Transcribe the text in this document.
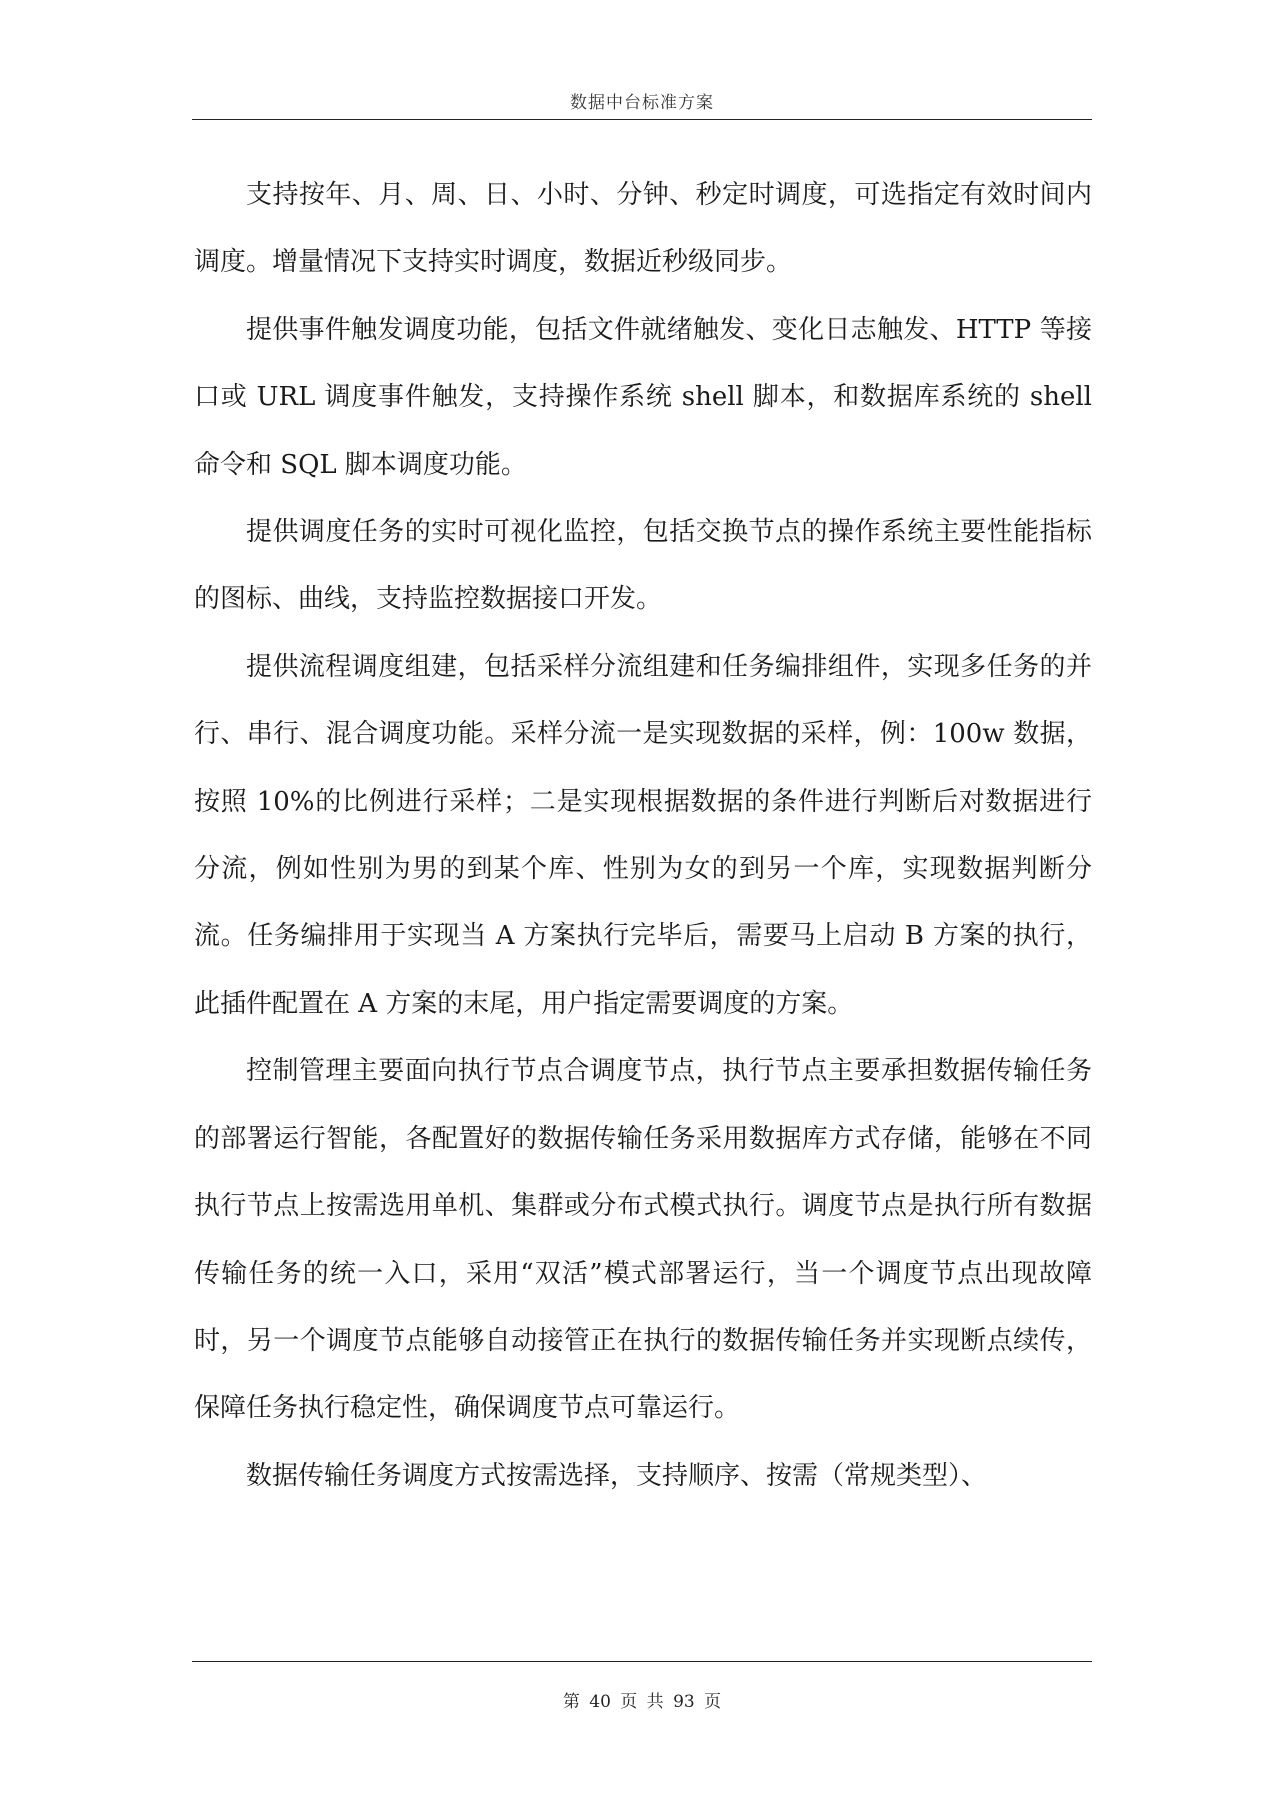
数据中台标准方案

支持按年、月、周、日、小时、分钟、秒定时调度，可选指定有效时间内调度。增量情况下支持实时调度，数据近秒级同步。

提供事件触发调度功能，包括文件就绪触发、变化日志触发、HTTP 等接口或 URL 调度事件触发，支持操作系统 shell 脚本，和数据库系统的 shell 命令和 SQL 脚本调度功能。

提供调度任务的实时可视化监控，包括交换节点的操作系统主要性能指标的图标、曲线，支持监控数据接口开发。

提供流程调度组建，包括采样分流组建和任务编排组件，实现多任务的并行、串行、混合调度功能。采样分流一是实现数据的采样，例：100w 数据，按照 10%的比例进行采样；二是实现根据数据的条件进行判断后对数据进行分流，例如性别为男的到某个库、性别为女的到另一个库，实现数据判断分流。任务编排用于实现当 A 方案执行完毕后，需要马上启动 B 方案的执行，此插件配置在 A 方案的末尾，用户指定需要调度的方案。

控制管理主要面向执行节点合调度节点，执行节点主要承担数据传输任务的部署运行智能，各配置好的数据传输任务采用数据库方式存储，能够在不同执行节点上按需选用单机、集群或分布式模式执行。调度节点是执行所有数据传输任务的统一入口，采用“双活”模式部署运行，当一个调度节点出现故障时，另一个调度节点能够自动接管正在执行的数据传输任务并实现断点续传，保障任务执行稳定性，确保调度节点可靠运行。

数据传输任务调度方式按需选择，支持顺序、按需（常规类型）、

第 40 页 共 93 页
